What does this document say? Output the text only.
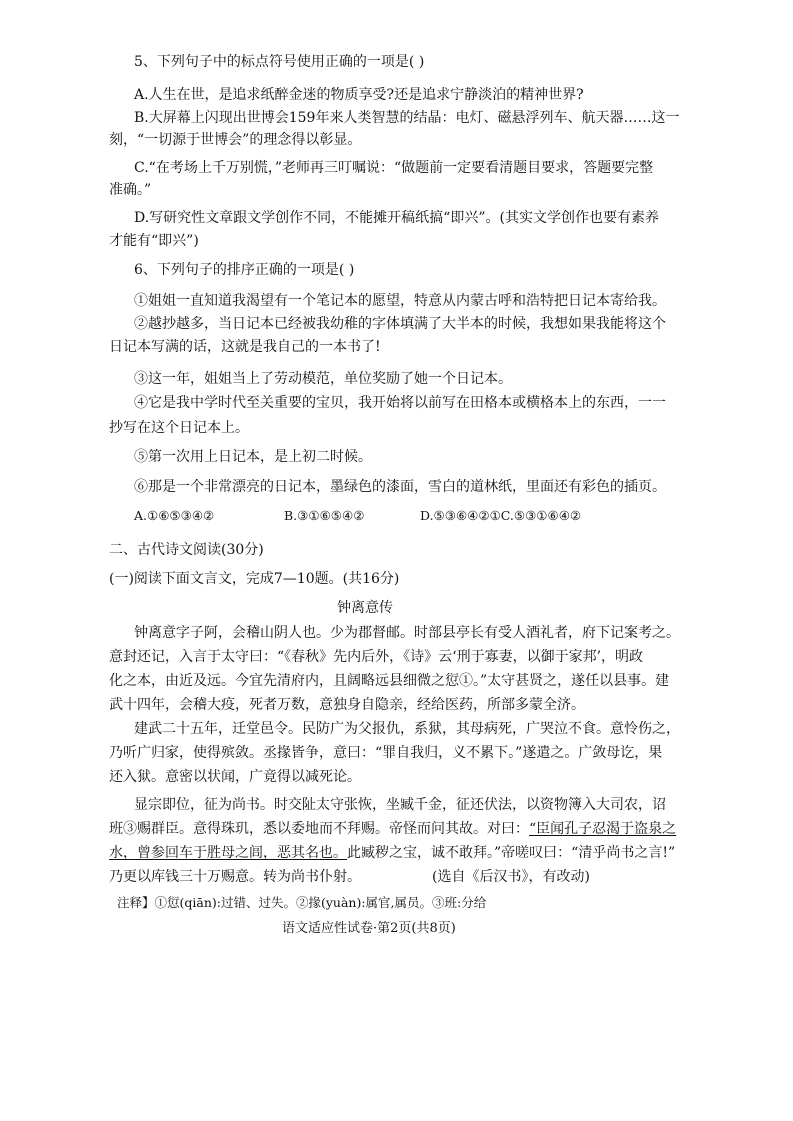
5、下列句子中的标点符号使用正确的一项是( )
A.人生在世，是追求纸醉金迷的物质享受?还是追求宁静淡泊的精神世界?
B.大屏幕上闪现出世博会159年来人类智慧的结晶：电灯、磁悬浮列车、航天器……这一
刻，“一切源于世博会”的理念得以彰显。
C.“在考场上千万别慌，”老师再三叮嘱说：“做题前一定要看清题目要求，答题要完整
准确。”
D.写研究性文章跟文学创作不同，不能摊开稿纸搞“即兴”。(其实文学创作也要有素养
才能有“即兴”)
6、下列句子的排序正确的一项是( )
①姐姐一直知道我渴望有一个笔记本的愿望，特意从内蒙古呼和浩特把日记本寄给我。
②越抄越多，当日记本已经被我幼稚的字体填满了大半本的时候，我想如果我能将这个
日记本写满的话，这就是我自己的一本书了!
③这一年，姐姐当上了劳动模范，单位奖励了她一个日记本。
④它是我中学时代至关重要的宝贝，我开始将以前写在田格本或横格本上的东西，一一
抄写在这个日记本上。
⑤第一次用上日记本，是上初二时候。
⑥那是一个非常漂亮的日记本，墨绿色的漆面，雪白的道林纸，里面还有彩色的插页。
A.①⑥⑤③④②	B.③①⑥⑤④②	D.⑤③⑥④②①C.⑤③①⑥④②
二、古代诗文阅读(30分)
(一)阅读下面文言文，完成7—10题。(共16分)
钟离意传
钟离意字子阿，会稽山阴人也。少为郡督邮。时部县亭长有受人酒礼者，府下记案考之。
意封还记，入言于太守曰：“《春秋》先内后外，《诗》云‘刑于寡妻，以御于家邦’，明政
化之本，由近及远。今宜先清府内，且阔略远县细微之愆①。”太守甚贤之，遂任以县事。建
武十四年，会稽大疫，死者万数，意独身自隐亲，经给医药，所部多蒙全济。
建武二十五年，迁堂邑令。民防广为父报仇，系狱，其母病死，广哭泣不食。意怜伤之，
乃听广归家，使得殡敛。丞掾皆争，意曰：“罪自我归，义不累下。”遂遣之。广敛母讫，果
还入狱。意密以状闻，广竟得以减死论。
显宗即位，征为尚书。时交阯太守张恢，坐臧千金，征还伏法，以资物簿入大司农，诏
班③赐群臣。意得珠玑，悉以委地而不拜赐。帝怪而问其故。对曰：“臣闻孔子忍渴于盗泉之
水，曾参回车于胜母之闾，恶其名也。此臧秽之宝，诚不敢拜。”帝嗟叹曰：“清乎尚书之言!”
乃更以库钱三十万赐意。转为尚书仆射。	(选自《后汉书》，有改动)
注释】①愆(qiān):过错、过失。②掾(yuàn):属官,属员。③班:分给
语文适应性试卷·第2页(共8页)
